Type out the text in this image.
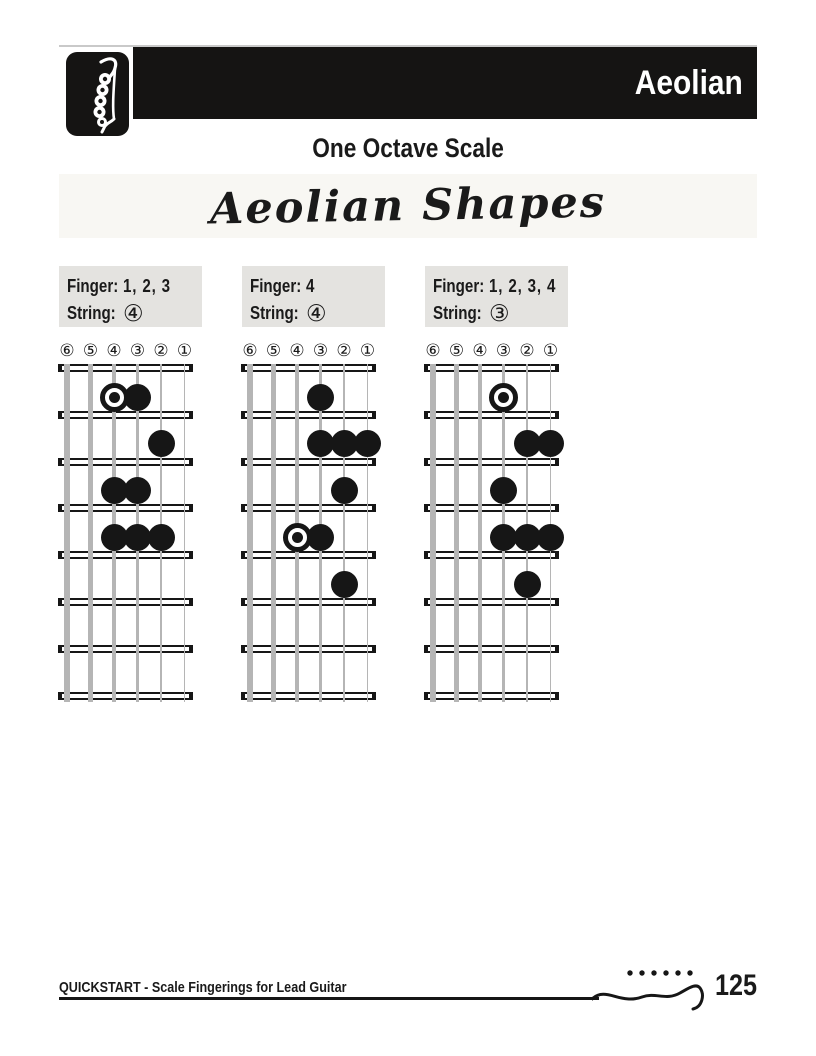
Aeolian
One Octave Scale
Aeolian Shapes
Finger: 1, 2, 3
String: ④
⑥ ⑤ ④ ③ ② ①
Finger: 4
String: ④
⑥ ⑤ ④ ③ ② ①
Finger: 1, 2, 3, 4
String: ③
⑥ ⑤ ④ ③ ② ①
QUICKSTART - Scale Fingerings for Lead Guitar	125
